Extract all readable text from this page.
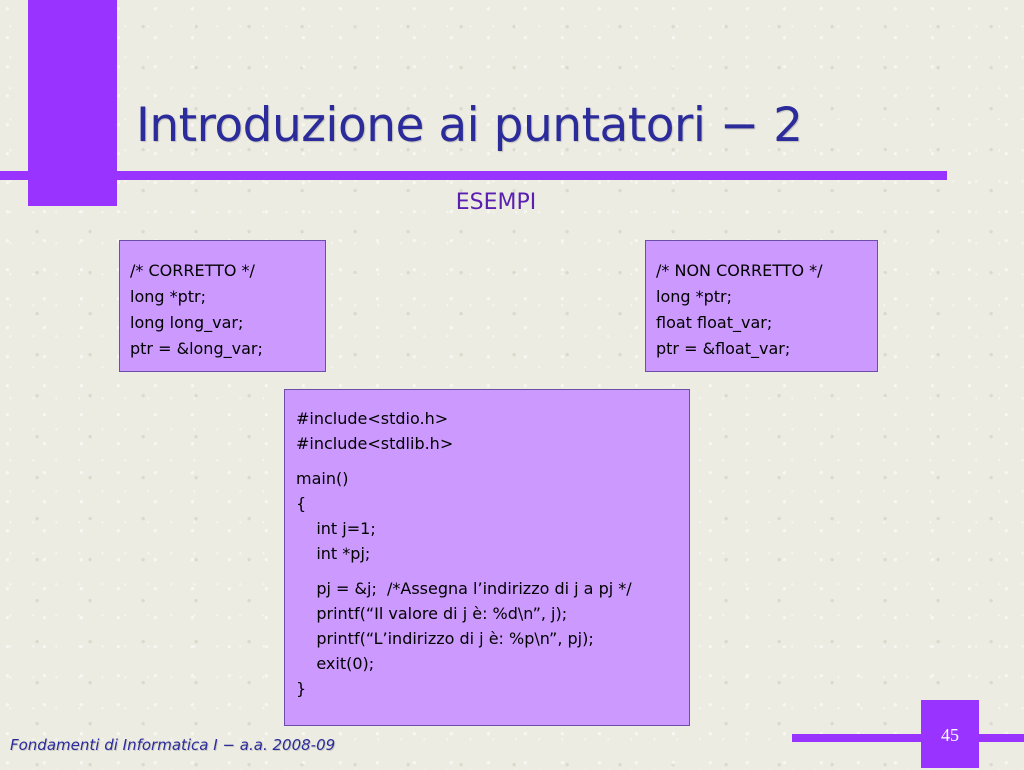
Introduzione ai puntatori − 2
ESEMPI
/* CORRETTO */
long *ptr;
long long_var;
ptr = &long_var;
/* NON CORRETTO */
long *ptr;
float float_var;
ptr = &float_var;
#include<stdio.h>
#include<stdlib.h>
main()
{
int j=1;
int *pj;
pj = &j;  /*Assegna l’indirizzo di j a pj */
printf(“Il valore di j è: %d\n”, j);
printf(“L’indirizzo di j è: %p\n”, pj);
exit(0);
}
Fondamenti di Informatica I − a.a. 2008-09	45
